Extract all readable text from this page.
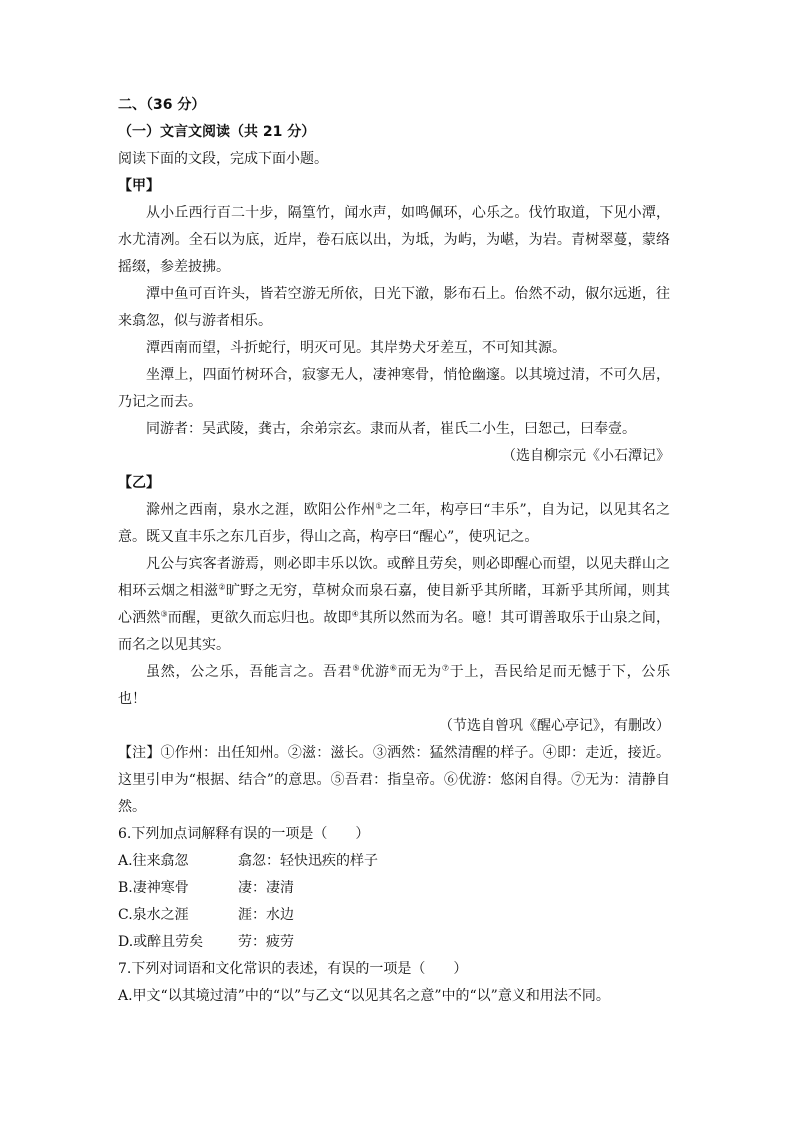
二、（36 分）
（一）文言文阅读（共 21 分）
阅读下面的文段，完成下面小题。
【甲】
从小丘西行百二十步，隔篁竹，闻水声，如鸣佩环，心乐之。伐竹取道，下见小潭，水尤清冽。全石以为底，近岸，卷石底以出，为坻，为屿，为嵁，为岩。青树翠蔓，蒙络摇缀，参差披拂。
潭中鱼可百许头，皆若空游无所依，日光下澈，影布石上。佁然不动，俶尔远逝，往来翕忽，似与游者相乐。
潭西南而望，斗折蛇行，明灭可见。其岸势犬牙差互，不可知其源。
坐潭上，四面竹树环合，寂寥无人，凄神寒骨，悄怆幽邃。以其境过清，不可久居，乃记之而去。
同游者：吴武陵，龚古，余弟宗玄。隶而从者，崔氏二小生，曰恕己，曰奉壹。
（选自柳宗元《小石潭记》
【乙】
滁州之西南，泉水之涯，欧阳公作州①之二年，构亭曰“丰乐”，自为记，以见其名之意。既又直丰乐之东几百步，得山之高，构亭曰“醒心”，使巩记之。
凡公与宾客者游焉，则必即丰乐以饮。或醉且劳矣，则必即醒心而望，以见夫群山之相环云烟之相滋②旷野之无穷，草树众而泉石嘉，使目新乎其所睹，耳新乎其所闻，则其心洒然③而醒，更欲久而忘归也。故即④其所以然而为名。噫！其可谓善取乐于山泉之间，而名之以见其实。
虽然，公之乐，吾能言之。吾君⑤优游⑥而无为⑦于上，吾民给足而无憾于下，公乐也！
（节选自曾巩《醒心亭记》，有删改）
【注】①作州：出任知州。②滋：滋长。③洒然：猛然清醒的样子。④即：走近，接近。这里引申为“根据、结合”的意思。⑤吾君：指皇帝。⑥优游：悠闲自得。⑦无为：清静自然。
6.下列加点词解释有误的一项是（　　）
A.往来翕忽	翕忽：轻快迅疾的样子
B.凄神寒骨	凄：凄清
C.泉水之涯	涯：水边
D.或醉且劳矣	劳：疲劳
7.下列对词语和文化常识的表述，有误的一项是（　　）
A.甲文“以其境过清”中的“以”与乙文“以见其名之意”中的“以”意义和用法不同。
